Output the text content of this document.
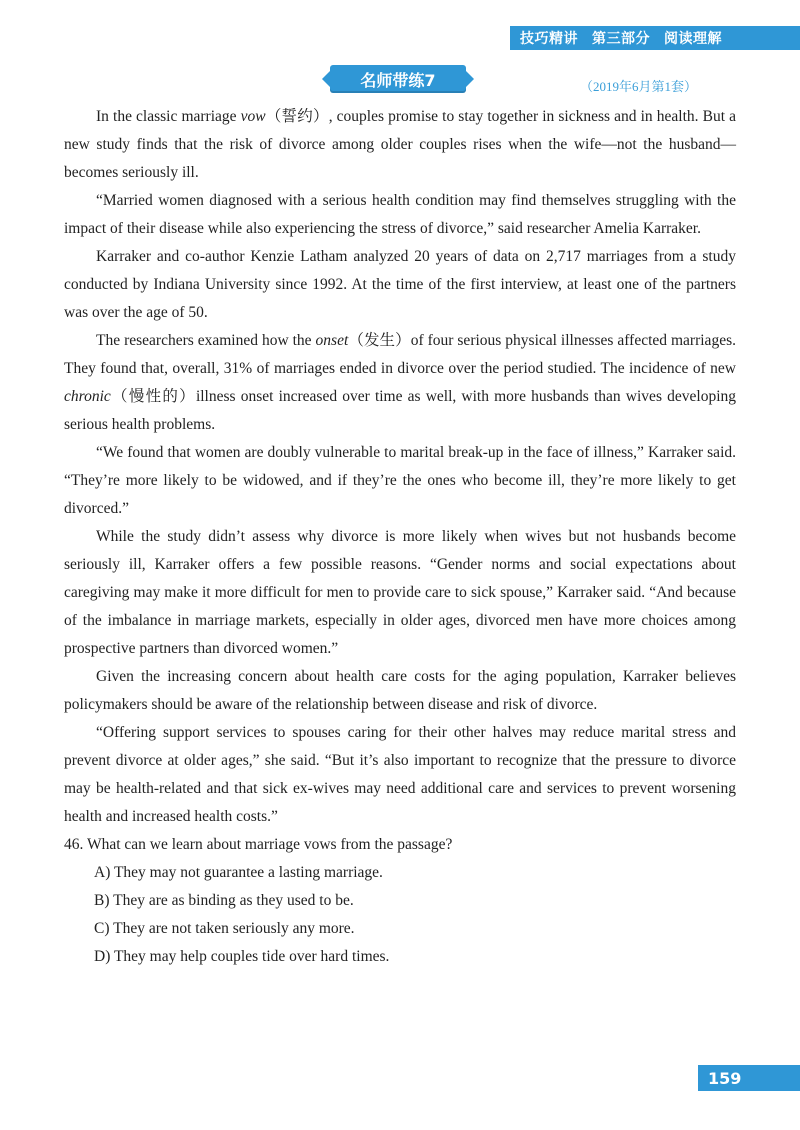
技巧精讲 第三部分 阅读理解
名师带练7	（2019年6月第1套）

In the classic marriage vow（誓约）, couples promise to stay together in sickness and in health. But a new study finds that the risk of divorce among older couples rises when the wife—not the husband—becomes seriously ill.

“Married women diagnosed with a serious health condition may find themselves struggling with the impact of their disease while also experiencing the stress of divorce,” said researcher Amelia Karraker.

Karraker and co-author Kenzie Latham analyzed 20 years of data on 2,717 marriages from a study conducted by Indiana University since 1992. At the time of the first interview, at least one of the partners was over the age of 50.

The researchers examined how the onset（发生）of four serious physical illnesses affected marriages. They found that, overall, 31% of marriages ended in divorce over the period studied. The incidence of new chronic（慢性的）illness onset increased over time as well, with more husbands than wives developing serious health problems.

“We found that women are doubly vulnerable to marital break-up in the face of illness,” Karraker said. “They’re more likely to be widowed, and if they’re the ones who become ill, they’re more likely to get divorced.”

While the study didn’t assess why divorce is more likely when wives but not husbands become seriously ill, Karraker offers a few possible reasons. “Gender norms and social expectations about caregiving may make it more difficult for men to provide care to sick spouse,” Karraker said. “And because of the imbalance in marriage markets, especially in older ages, divorced men have more choices among prospective partners than divorced women.”

Given the increasing concern about health care costs for the aging population, Karraker believes policymakers should be aware of the relationship between disease and risk of divorce.

“Offering support services to spouses caring for their other halves may reduce marital stress and prevent divorce at older ages,” she said. “But it’s also important to recognize that the pressure to divorce may be health-related and that sick ex-wives may need additional care and services to prevent worsening health and increased health costs.”

46. What can we learn about marriage vows from the passage?
A) They may not guarantee a lasting marriage.
B) They are as binding as they used to be.
C) They are not taken seriously any more.
D) They may help couples tide over hard times.
159
